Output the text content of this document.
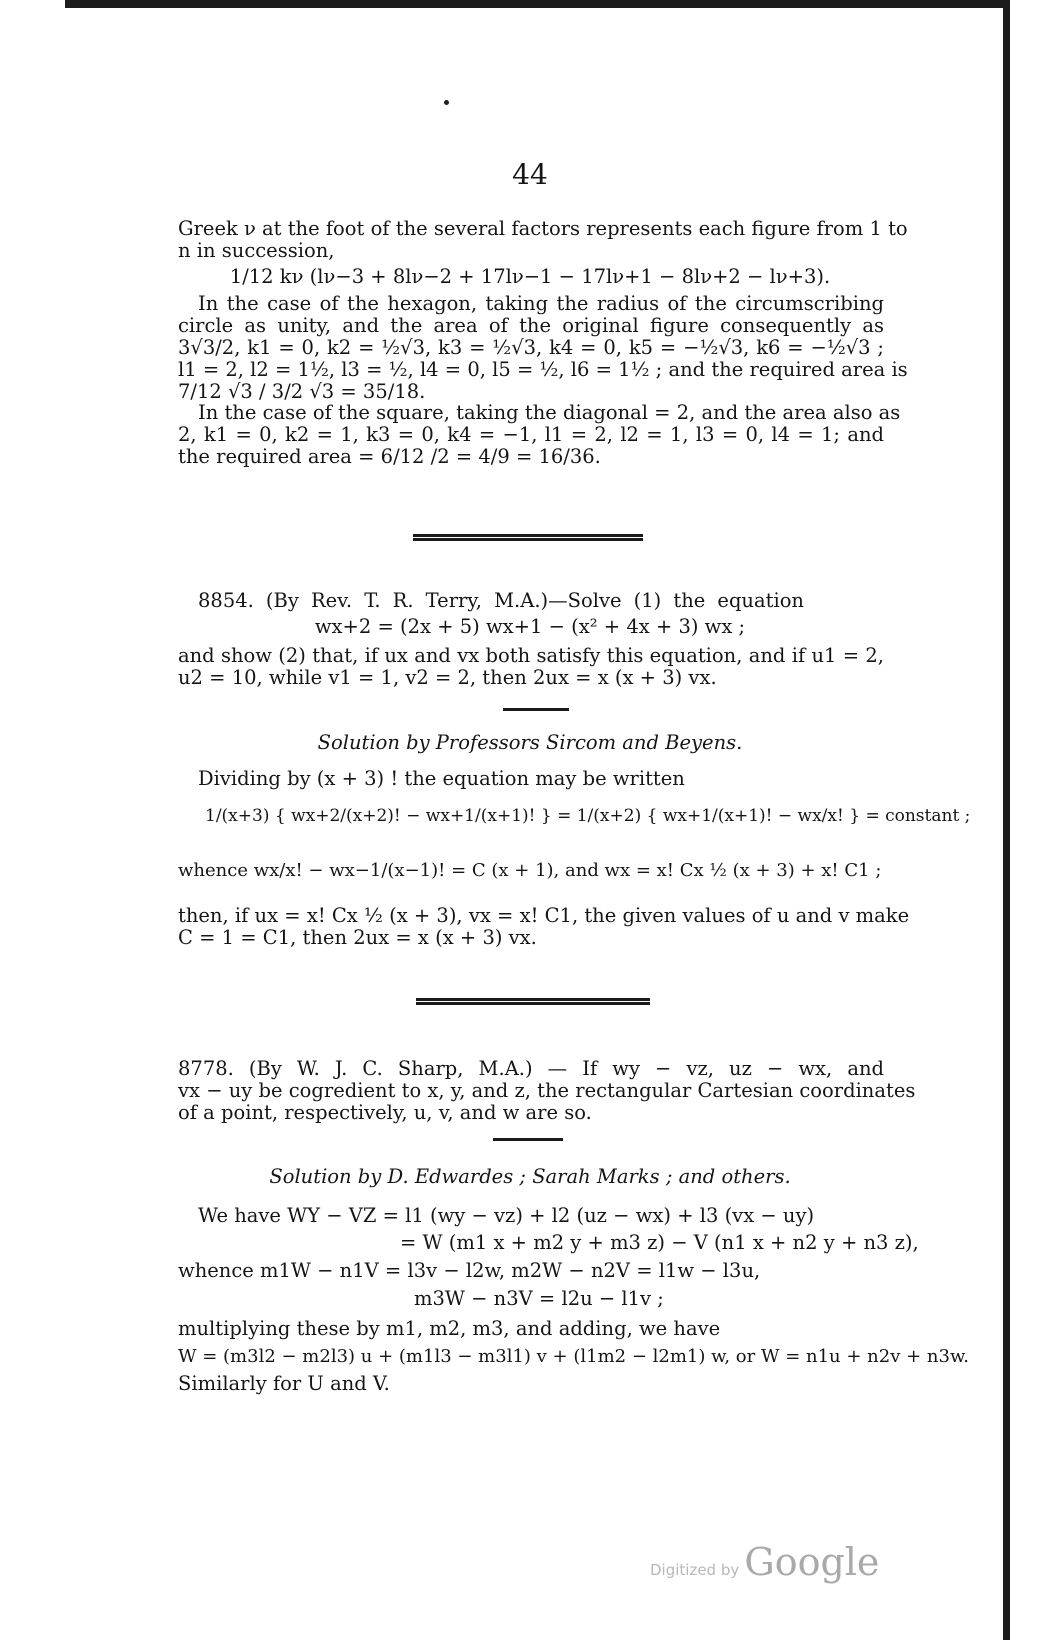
44
Greek ν at the foot of the several factors represents each figure from 1 to
n in succession,
1/12 kν (lν−3 + 8lν−2 + 17lν−1 − 17lν+1 − 8lν+2 − lν+3).
In the case of the hexagon, taking the radius of the circumscribing
circle as unity, and the area of the original figure consequently as
3√3/2, k1 = 0, k2 = ½√3, k3 = ½√3, k4 = 0, k5 = −½√3, k6 = −½√3 ;
l1 = 2, l2 = 1½, l3 = ½, l4 = 0, l5 = ½, l6 = 1½ ; and the required area is
7/12 √3 / 3/2 √3 = 35/18.
In the case of the square, taking the diagonal = 2, and the area also as
2, k1 = 0, k2 = 1, k3 = 0, k4 = −1, l1 = 2, l2 = 1, l3 = 0, l4 = 1; and
the required area = 6/12 /2 = 4/9 = 16/36.
8854. (By Rev. T. R. Terry, M.A.)—Solve (1) the equation
wx+2 = (2x + 5) wx+1 − (x² + 4x + 3) wx ;
and show (2) that, if ux and vx both satisfy this equation, and if u1 = 2,
u2 = 10, while v1 = 1, v2 = 2, then 2ux = x (x + 3) vx.
Solution by Professors Sircom and Beyens.
Dividing by (x + 3) ! the equation may be written
1/(x+3) { wx+2/(x+2)! − wx+1/(x+1)! } = 1/(x+2) { wx+1/(x+1)! − wx/x! } = constant ;
whence wx/x! − wx−1/(x−1)! = C (x + 1), and wx = x! Cx ½ (x + 3) + x! C1 ;
then, if ux = x! Cx ½ (x + 3), vx = x! C1, the given values of u and v make
C = 1 = C1, then 2ux = x (x + 3) vx.
8778. (By W. J. C. Sharp, M.A.) — If wy − vz, uz − wx, and
vx − uy be cogredient to x, y, and z, the rectangular Cartesian coordinates
of a point, respectively, u, v, and w are so.
Solution by D. Edwardes ; Sarah Marks ; and others.
We have WY − VZ = l1 (wy − vz) + l2 (uz − wx) + l3 (vx − uy)
= W (m1 x + m2 y + m3 z) − V (n1 x + n2 y + n3 z),
whence m1W − n1V = l3v − l2w, m2W − n2V = l1w − l3u,
m3W − n3V = l2u − l1v ;
multiplying these by m1, m2, m3, and adding, we have
W = (m3l2 − m2l3) u + (m1l3 − m3l1) v + (l1m2 − l2m1) w, or W = n1u + n2v + n3w.
Similarly for U and V.
Digitized by Google
